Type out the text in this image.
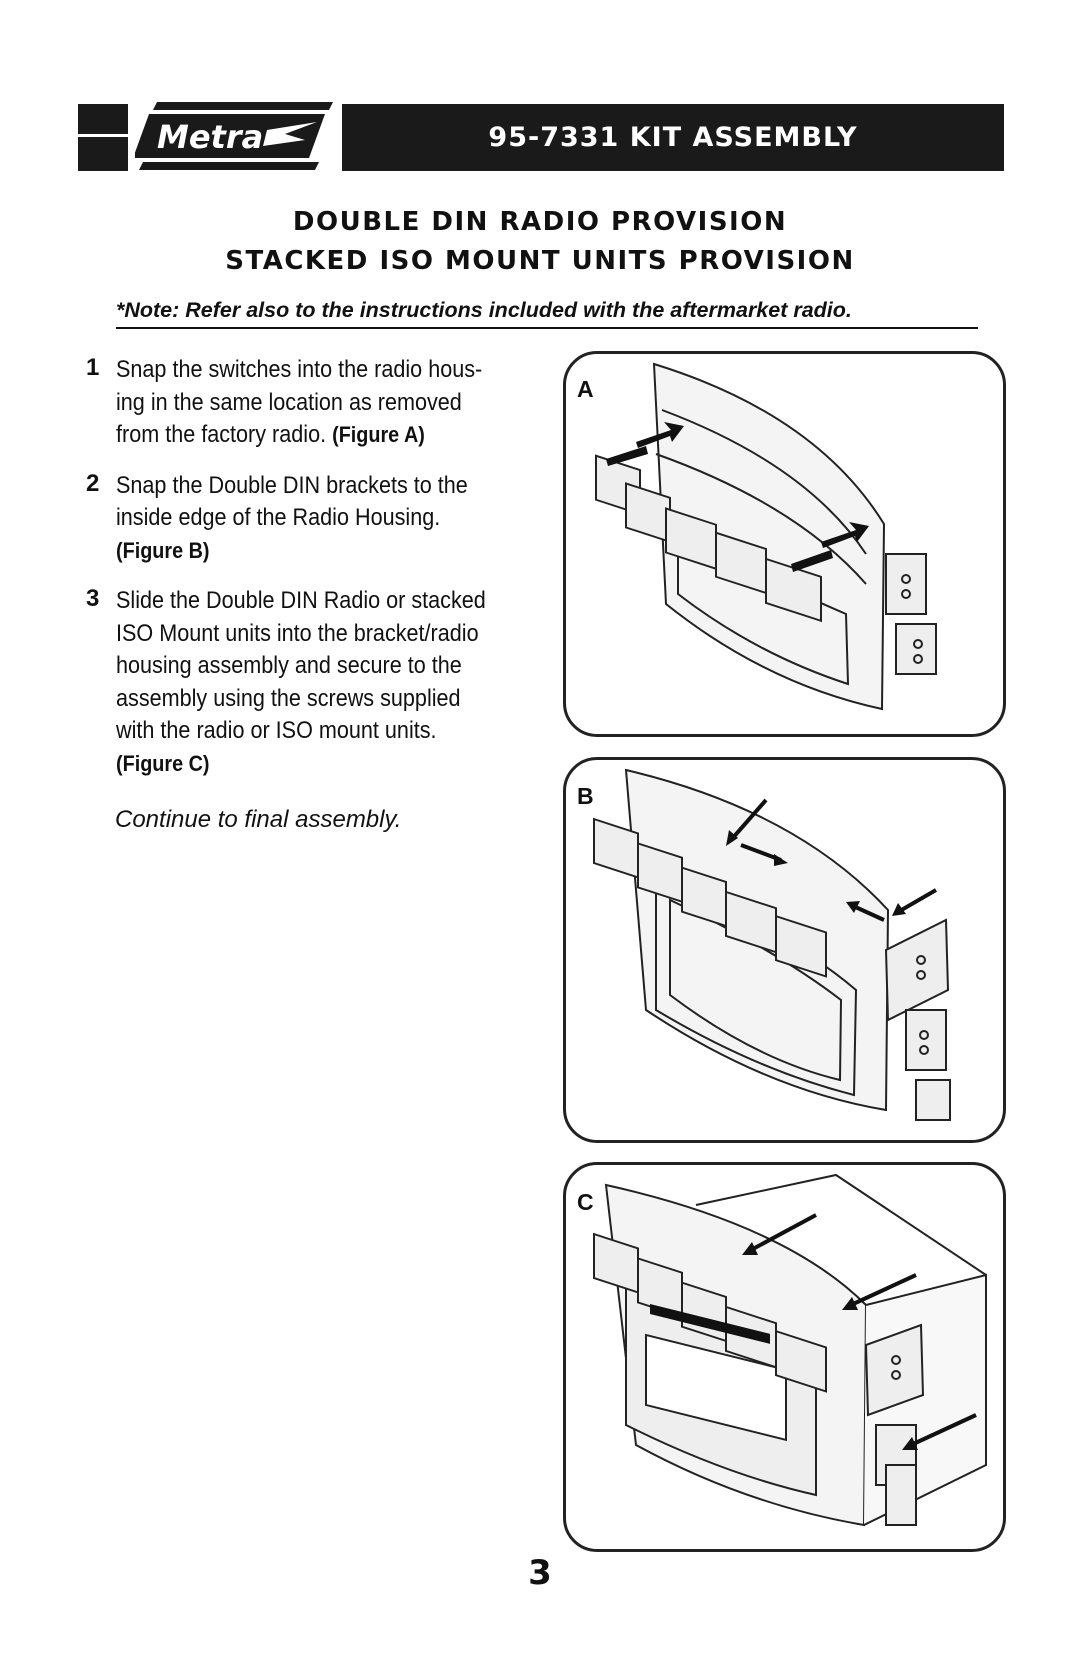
Metra	95-7331 KIT ASSEMBLY
DOUBLE DIN RADIO PROVISION
STACKED ISO MOUNT UNITS PROVISION
*Note: Refer also to the instructions included with the aftermarket radio.
1 Snap the switches into the radio hous-ing in the same location as removed from the factory radio. (Figure A)
2 Snap the Double DIN brackets to the inside edge of the Radio Housing.
(Figure B)
3 Slide the Double DIN Radio or stacked ISO Mount units into the bracket/radio housing assembly and secure to the assembly using the screws supplied with the radio or ISO mount units.
(Figure C)
Continue to final assembly.
A
B
C
3
